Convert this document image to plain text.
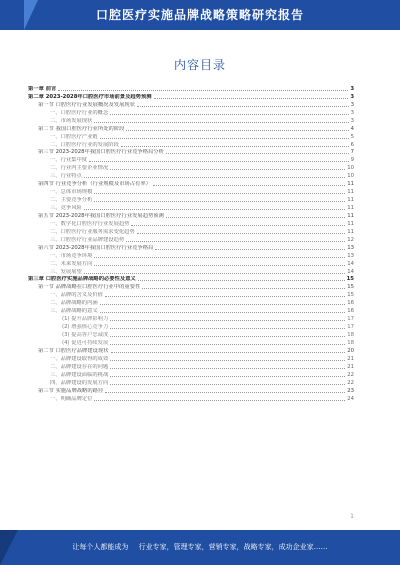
口腔医疗实施品牌战略策略研究报告
内容目录
第一章 前言	3
第二章 2023-2028年口腔医疗市场前景及趋势预测	3
第一节 口腔医疗行业发展概况及发展现状	3
一、口腔医疗行业的概念	3
二、市场发展现状	3
第二节 我国口腔医疗行业所处的阶段	4
一、口腔医疗产业链	5
二、口腔医疗行业的发展阶段	6
第三节 2023-2028年我国口腔医疗行业竞争格局分析	7
一、行业集中度	9
二、行业内主要企业情况	10
三、行业特点	10
第四节 行业竞争分析（行业规模及市场占有率）	11
一、总体市场规模	11
二、主要竞争分析	11
三、竞争风险	11
第五节 2023-2028年我国口腔医疗行业发展趋势预测	11
一、数字化口腔医疗行业发展趋势	11
二、口腔医疗行业服务需求变化趋势	11
三、口腔医疗行业品牌建设趋势	12
第六节 2023-2028年我国口腔医疗行业竞争格局	13
一、市场竞争环境	13
二、未来发展方向	14
三、发展展望	14
第三章 口腔医疗实施品牌战略的必要性及意义	15
第一节 品牌战略在口腔医疗行业中的重要性	15
一、品牌的含义及价值	15
二、品牌战略的内涵	16
三、品牌战略的意义	16
(1) 提升品牌影响力	17
(2) 增强核心竞争力	17
(3) 提高客户忠诚度	18
(4) 促进可持续发展	18
第二节 口腔医疗品牌建设现状	20
一、品牌建设取得的成效	21
二、品牌建设存在的问题	21
三、品牌建设面临的挑战	22
四、品牌建设的发展方向	22
第三节 实施品牌战略的路径	23
一、明确品牌定位	24
1
让每个人都能成为 行业专家，管理专家，营销专家，战略专家，成功企业家……
